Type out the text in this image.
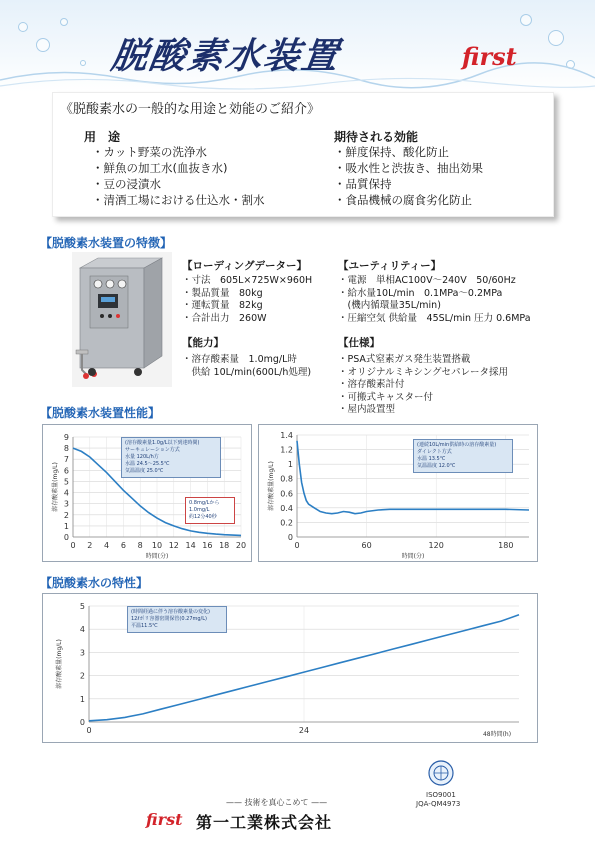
脱酸素水装置	first
《脱酸素水の一般的な用途と効能のご紹介》
用　途
・カット野菜の洗浄水
・鮮魚の加工水(血抜き水)
・豆の浸漬水
・清酒工場における仕込水・割水
期待される効能
・鮮度保持、酸化防止
・吸水性と渋抜き、抽出効果
・品質保持
・食品機械の腐食劣化防止
【脱酸素水装置の特徴】
【ローディングデーター】
・寸法　605L×725W×960H
・製品質量　80kg
・運転質量　82kg
・合計出力　260W
【能力】
・溶存酸素量　1.0mg/L時
　供給 10L/min(600L/h処理)
【ユーティリティー】
・電源　単相AC100V～240V　50/60Hz
・給水量10L/min　0.1MPa～0.2MPa
　(機内循環量35L/min)
・圧縮空気 供給量　45SL/min 圧力 0.6MPa
【仕様】
・PSA式窒素ガス発生装置搭載
・オリジナルミキシングセパレータ採用
・溶存酸素計付
・可搬式キャスター付
・屋内設置型
【脱酸素水装置性能】
0
1
2
3
4
5
6
7
8
9
0 2 4 6 8 10 12 14 16 18 20
時間(分)
溶存酸素量(mg/L)
(溶存酸素量1.0g/L以下到達時間)
サーキュレーション方式
水量 120L/h方
水温 24.5～25.5℃
気温温度 25.0℃
0.8mg/Lから1.0mg/L
約12分40秒
0
0.2
0.4
0.6
0.8
1
1.2
1.4
0	60	120	180
時間(分)
溶存酸素量(mg/L)
(連続10L/min供給時の溶存酸素量)
ダイレクト方式
水温 13.5℃
気温温度 12.0℃
【脱酸素水の特性】
0
1
2
3
4
5
0	24	48時間(h)
溶存酸素量(mg/L)
(時間経過に伴う溶存酸素量の変化)
12ℓポリ容器密閉保管(0.27mg/L)
平温11.5℃
—— 技術を真心こめて ——
first 第一工業株式会社
ISO9001
JQA-QM4973
